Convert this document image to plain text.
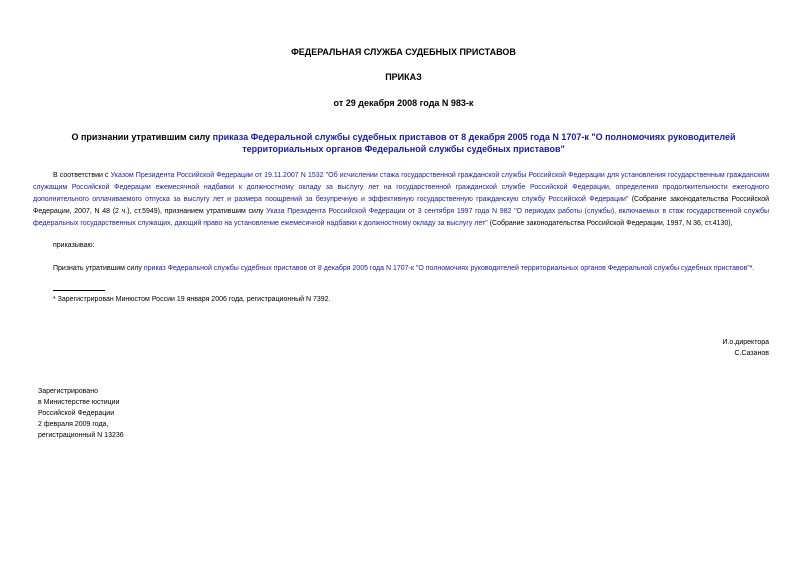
ФЕДЕРАЛЬНАЯ СЛУЖБА СУДЕБНЫХ ПРИСТАВОВ
ПРИКАЗ
от 29 декабря 2008 года N 983-к
О признании утратившим силу приказа Федеральной службы судебных приставов от 8 декабря 2005 года N 1707-к "О полномочиях руководителей территориальных органов Федеральной службы судебных приставов"
В соответствии с Указом Президента Российской Федерации от 19.11.2007 N 1532 "Об исчислении стажа государственной гражданской службы Российской Федерации для установления государственным гражданским служащим Российской Федерации ежемесячной надбавки к должностному окладу за выслугу лет на государственной гражданской службе Российской Федерации, определения продолжительности ежегодного дополнительного оплачиваемого отпуска за выслугу лет и размера поощрений за безупречную и эффективную государственную гражданскую службу Российской Федерации" (Собрание законодательства Российской Федерации, 2007, N 48 (2 ч.), ст.5949), признанием утратившим силу Указа Президента Российской Федерации от 3 сентября 1997 года N 982 "О периодах работы (службы), включаемых в стаж государственной службы федеральных государственных служащих, дающий право на установление ежемесячной надбавки к должностному окладу за выслугу лет" (Собрание законодательства Российской Федерации, 1997, N 36, ст.4130),
приказываю:
Признать утратившим силу приказ Федеральной службы судебных приставов от 8 декабря 2005 года N 1707-к "О полномочиях руководителей территориальных органов Федеральной службы судебных приставов"*.
* Зарегистрирован Минюстом России 19 января 2006 года, регистрационный N 7392.
И.о.директора
С.Сазанов
Зарегистрировано
в Министерстве юстиции
Российской Федерации
2 февраля 2009 года,
регистрационный N 13236
